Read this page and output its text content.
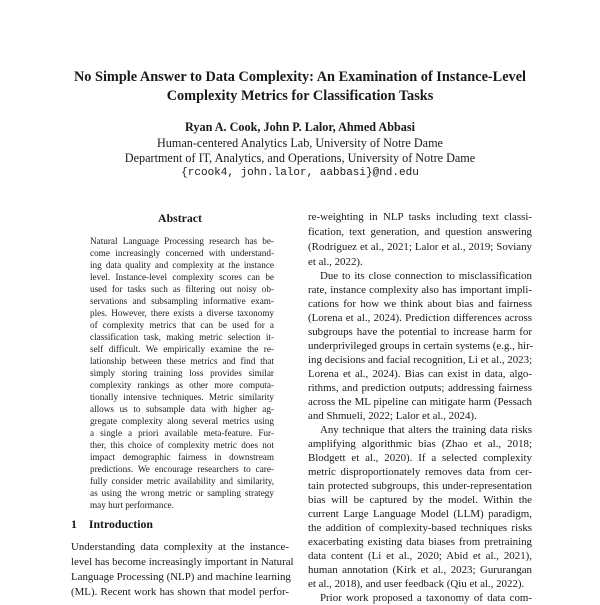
No Simple Answer to Data Complexity: An Examination of Instance-Level
Complexity Metrics for Classification Tasks
Ryan A. Cook, John P. Lalor, Ahmed Abbasi
Human-centered Analytics Lab, University of Notre Dame
Department of IT, Analytics, and Operations, University of Notre Dame
{rcook4, john.lalor, aabbasi}@nd.edu
Abstract
Natural Language Processing research has be-
come increasingly concerned with understand-
ing data quality and complexity at the instance
level. Instance-level complexity scores can be
used for tasks such as filtering out noisy ob-
servations and subsampling informative exam-
ples. However, there exists a diverse taxonomy
of complexity metrics that can be used for a
classification task, making metric selection it-
self difficult. We empirically examine the re-
lationship between these metrics and find that
simply storing training loss provides similar
complexity rankings as other more computa-
tionally intensive techniques. Metric similarity
allows us to subsample data with higher ag-
gregate complexity along several metrics using
a single a priori available meta-feature. Fur-
ther, this choice of complexity metric does not
impact demographic fairness in downstream
predictions. We encourage researchers to care-
fully consider metric availability and similarity,
as using the wrong metric or sampling strategy
may hurt performance.
1 Introduction
Understanding data complexity at the instance-
level has become increasingly important in Natural
Language Processing (NLP) and machine learning
(ML). Recent work has shown that model perfor-
re-weighting in NLP tasks including text classi-
fication, text generation, and question answering
(Rodriguez et al., 2021; Lalor et al., 2019; Soviany
et al., 2022).
Due to its close connection to misclassification
rate, instance complexity also has important impli-
cations for how we think about bias and fairness
(Lorena et al., 2024). Prediction differences across
subgroups have the potential to increase harm for
underprivileged groups in certain systems (e.g., hir-
ing decisions and facial recognition, Li et al., 2023;
Lorena et al., 2024). Bias can exist in data, algo-
rithms, and prediction outputs; addressing fairness
across the ML pipeline can mitigate harm (Pessach
and Shmueli, 2022; Lalor et al., 2024).
Any technique that alters the training data risks
amplifying algorithmic bias (Zhao et al., 2018;
Blodgett et al., 2020). If a selected complexity
metric disproportionately removes data from cer-
tain protected subgroups, this under-representation
bias will be captured by the model. Within the
current Large Language Model (LLM) paradigm,
the addition of complexity-based techniques risks
exacerbating existing data biases from pretraining
data content (Li et al., 2020; Abid et al., 2021),
human annotation (Kirk et al., 2023; Gururangan
et al., 2018), and user feedback (Qiu et al., 2022).
Prior work proposed a taxonomy of data com-
